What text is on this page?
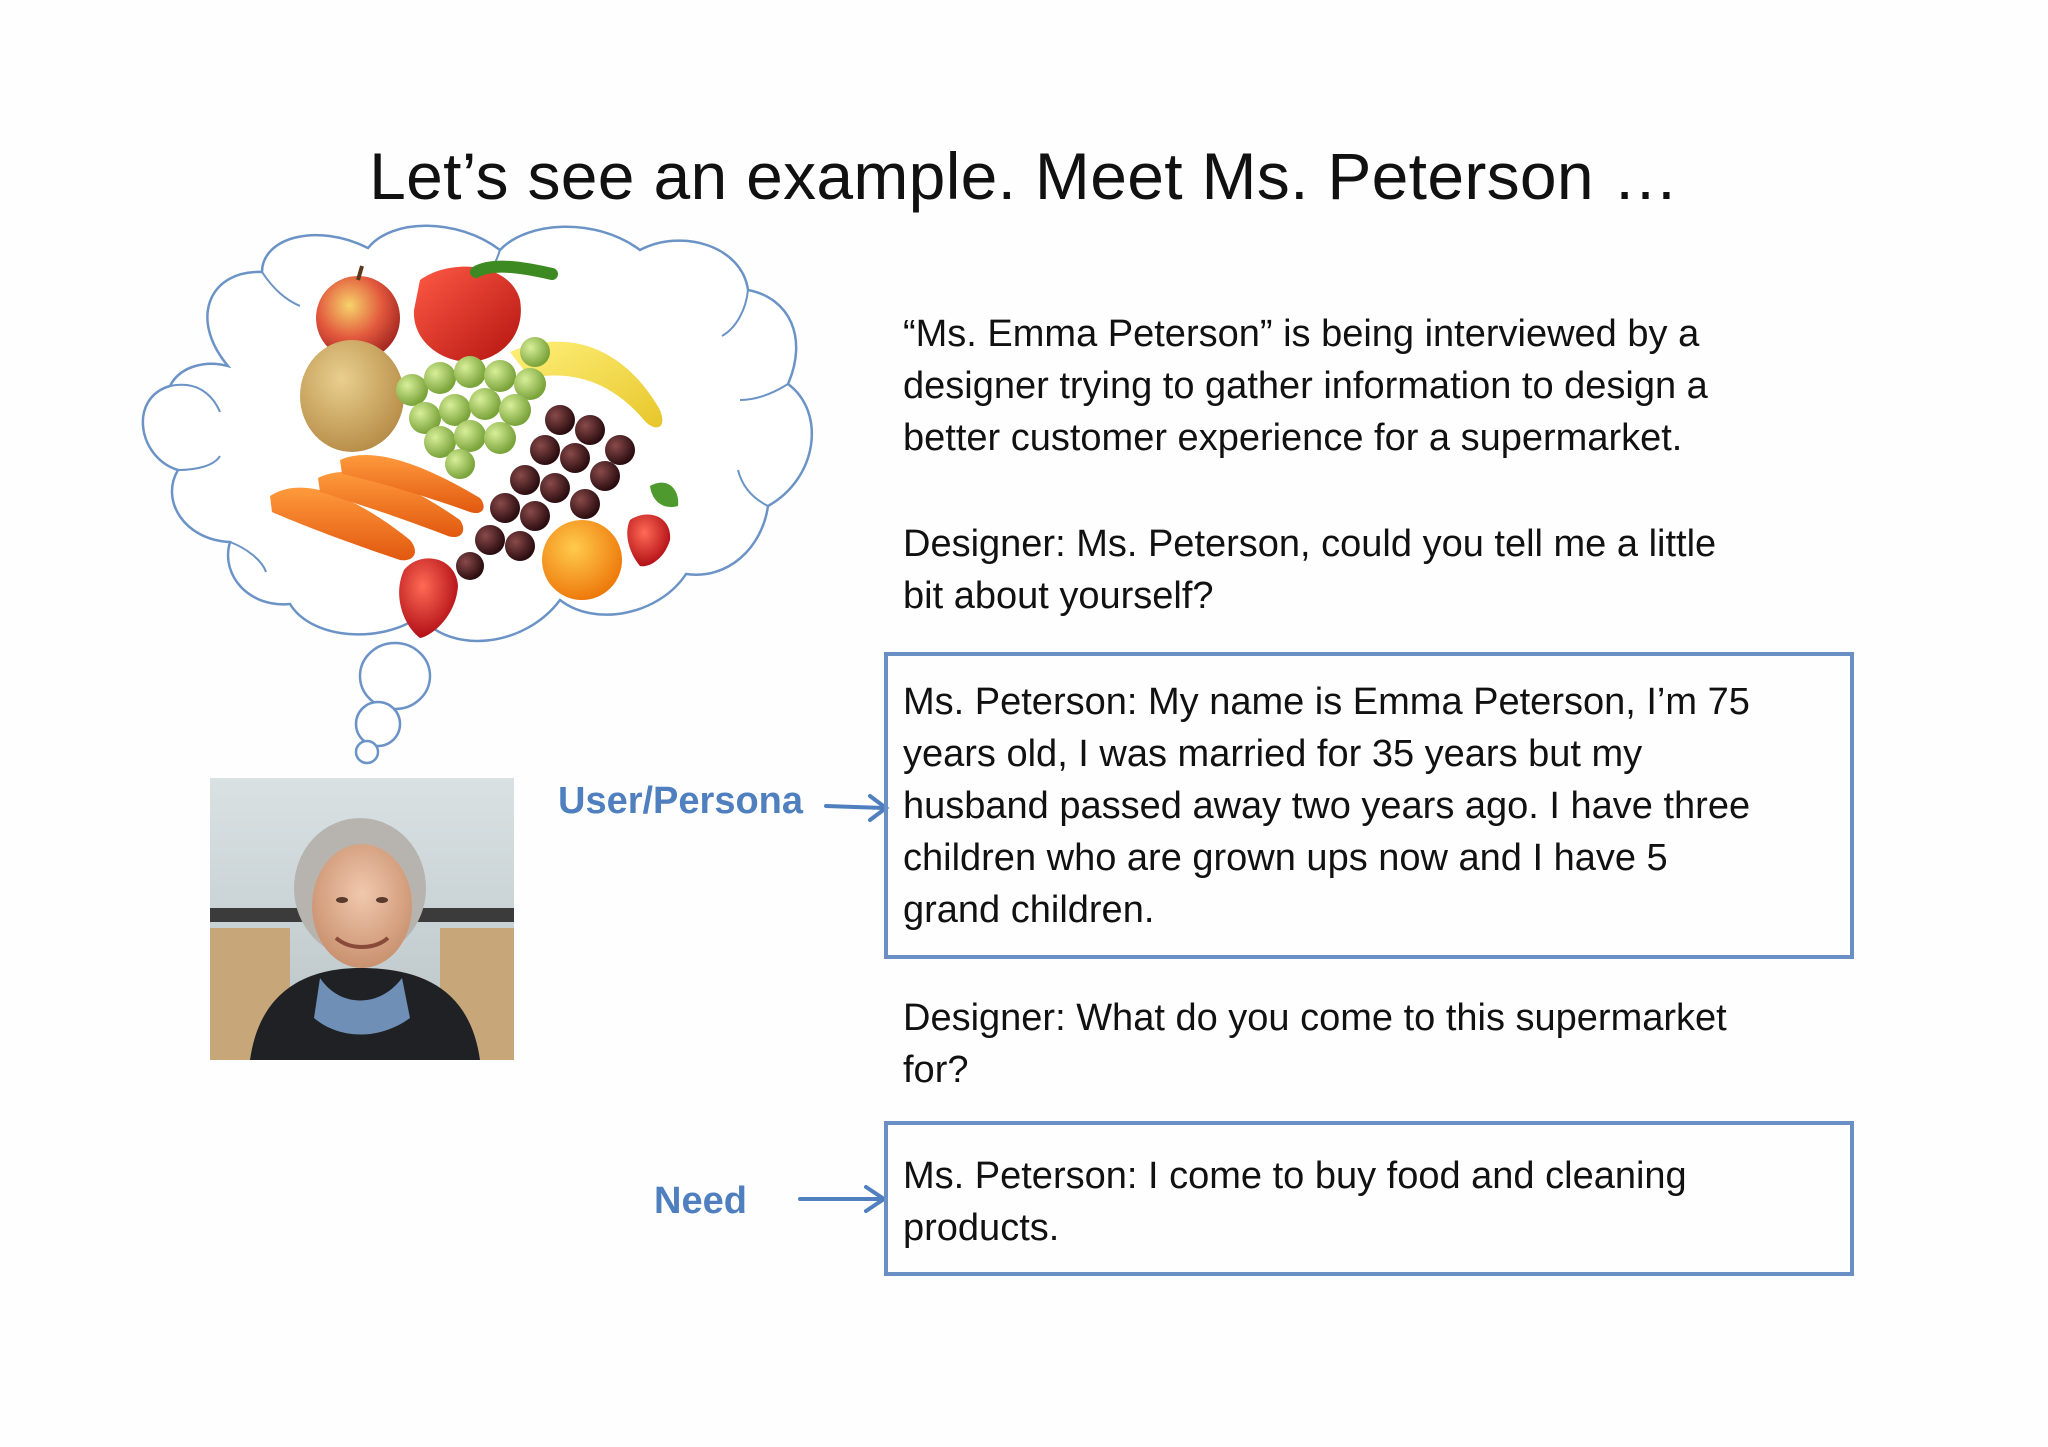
Let’s see an example. Meet Ms. Peterson …

“Ms. Emma Peterson” is being interviewed by a
designer trying to gather information to design a
better customer experience for a supermarket.

Designer: Ms. Peterson, could you tell me a little
bit about yourself?

Ms. Peterson: My name is Emma Peterson, I’m 75
years old, I was married for 35 years but my
husband passed away two years ago. I have three
children who are grown ups now and I have 5
grand children.

Designer: What do you come to this supermarket
for?

Ms. Peterson: I come to buy food and cleaning
products.

User/Persona
Need
